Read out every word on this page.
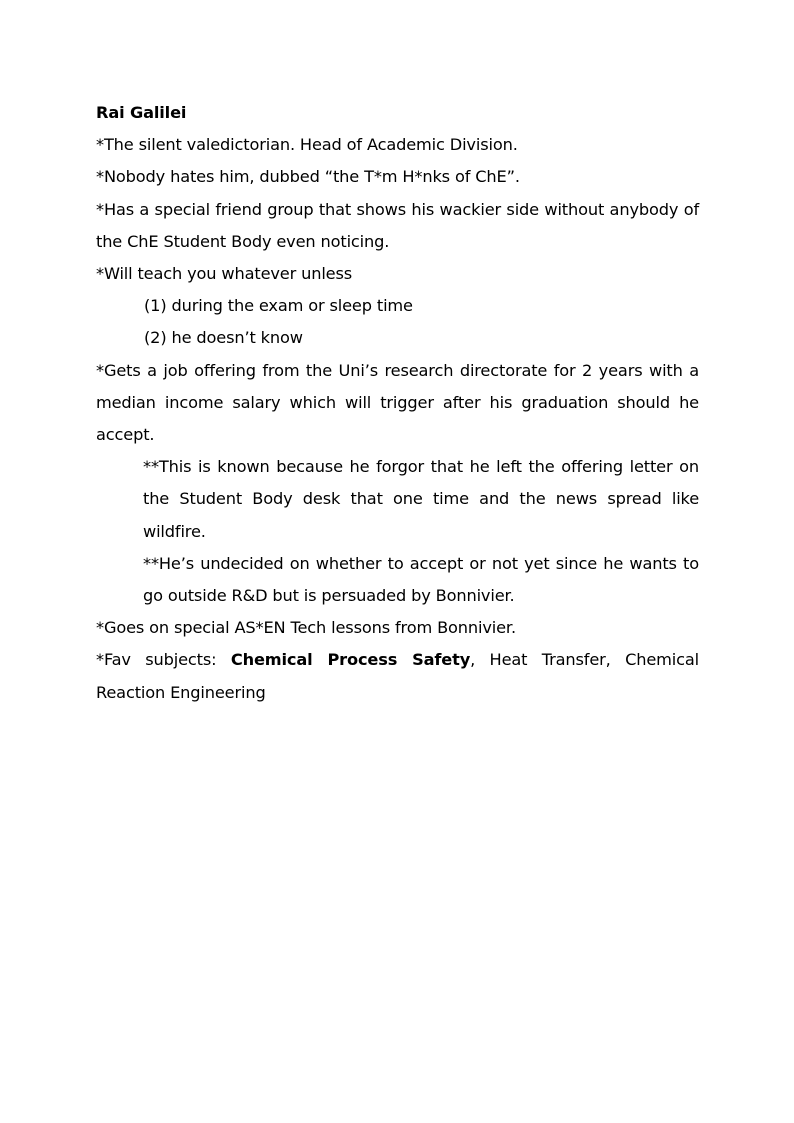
Rai Galilei

*The silent valedictorian. Head of Academic Division.

*Nobody hates him, dubbed “the T*m H*nks of ChE”.

*Has a special friend group that shows his wackier side without anybody of the ChE Student Body even noticing.

*Will teach you whatever unless

(1) during the exam or sleep time

(2) he doesn’t know

*Gets a job offering from the Uni’s research directorate for 2 years with a median income salary which will trigger after his graduation should he accept.

**This is known because he forgor that he left the offering letter on the Student Body desk that one time and the news spread like wildfire.

**He’s undecided on whether to accept or not yet since he wants to go outside R&D but is persuaded by Bonnivier.

*Goes on special AS*EN Tech lessons from Bonnivier.

*Fav subjects: Chemical Process Safety, Heat Transfer, Chemical Reaction Engineering
